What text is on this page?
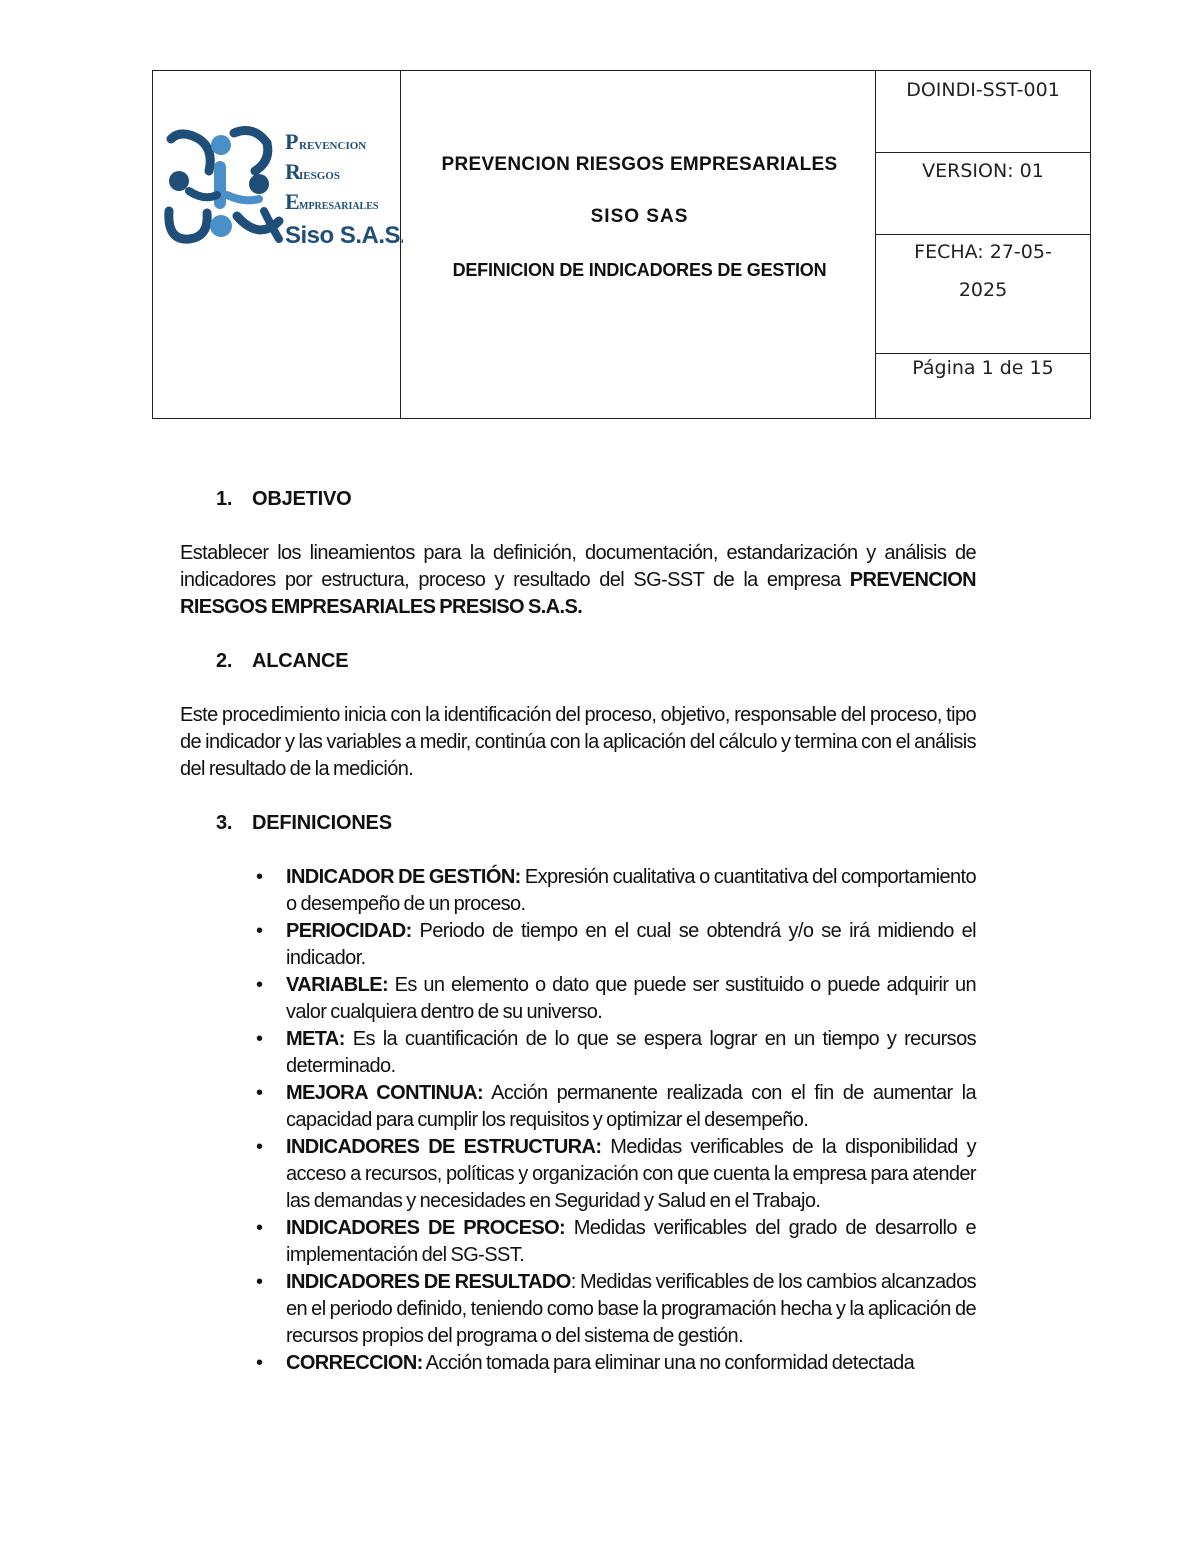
P REVENCION
R
IESGOS
E MPRESARIALES
Siso S.A.S.
PREVENCION RIESGOS EMPRESARIALES
SISO SAS
DEFINICION DE INDICADORES DE GESTION
DOINDI-SST-001
VERSION: 01
FECHA: 27-05-
2025
Página 1 de 15
1. OBJETIVO
Establecer los lineamientos para la definición, documentación, estandarización y análisis de indicadores por estructura, proceso y resultado del SG-SST de la empresa PREVENCION RIESGOS EMPRESARIALES PRESISO S.A.S.
2. ALCANCE
Este procedimiento inicia con la identificación del proceso, objetivo, responsable del proceso, tipo de indicador y las variables a medir, continúa con la aplicación del cálculo y termina con el análisis del resultado de la medición.
3. DEFINICIONES
• INDICADOR DE GESTIÓN: Expresión cualitativa o cuantitativa del comportamiento o desempeño de un proceso.
• PERIOCIDAD: Periodo de tiempo en el cual se obtendrá y/o se irá midiendo el indicador.
• VARIABLE: Es un elemento o dato que puede ser sustituido o puede adquirir un valor cualquiera dentro de su universo.
• META: Es la cuantificación de lo que se espera lograr en un tiempo y recursos determinado.
• MEJORA CONTINUA: Acción permanente realizada con el fin de aumentar la capacidad para cumplir los requisitos y optimizar el desempeño.
• INDICADORES DE ESTRUCTURA: Medidas verificables de la disponibilidad y acceso a recursos, políticas y organización con que cuenta la empresa para atender las demandas y necesidades en Seguridad y Salud en el Trabajo.
• INDICADORES DE PROCESO: Medidas verificables del grado de desarrollo e implementación del SG-SST.
• INDICADORES DE RESULTADO: Medidas verificables de los cambios alcanzados en el periodo definido, teniendo como base la programación hecha y la aplicación de recursos propios del programa o del sistema de gestión.
• CORRECCION: Acción tomada para eliminar una no conformidad detectada
